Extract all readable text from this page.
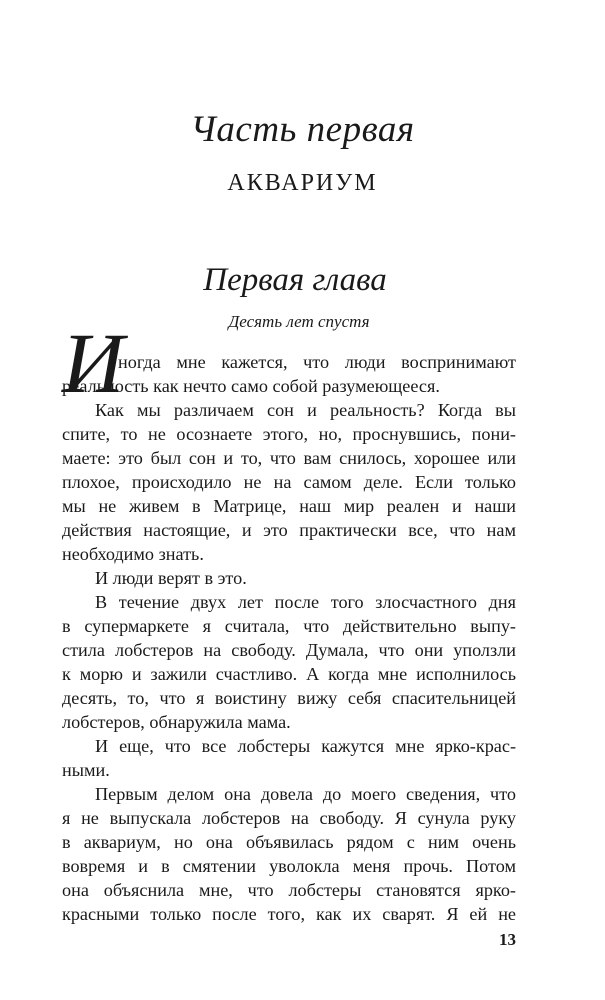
Часть первая
АКВАРИУМ
Первая глава
Десять лет спустя
И
ногда мне кажется, что люди воспринимают
реальность как нечто само собой разумеющееся.
Как мы различаем сон и реальность? Когда вы
спите, то не осознаете этого, но, проснувшись, пони-
маете: это был сон и то, что вам снилось, хорошее или
плохое, происходило не на самом деле. Если только
мы не живем в Матрице, наш мир реален и наши
действия настоящие, и это практически все, что нам
необходимо знать.
И люди верят в это.
В течение двух лет после того злосчастного дня
в супермаркете я считала, что действительно выпу-
стила лобстеров на свободу. Думала, что они уползли
к морю и зажили счастливо. А когда мне исполнилось
десять, то, что я воистину вижу себя спасительницей
лобстеров, обнаружила мама.
И еще, что все лобстеры кажутся мне ярко-крас-
ными.
Первым делом она довела до моего сведения, что
я не выпускала лобстеров на свободу. Я сунула руку
в аквариум, но она объявилась рядом с ним очень
вовремя и в смятении уволокла меня прочь. Потом
она объяснила мне, что лобстеры становятся ярко-
красными только после того, как их сварят. Я ей не
13
